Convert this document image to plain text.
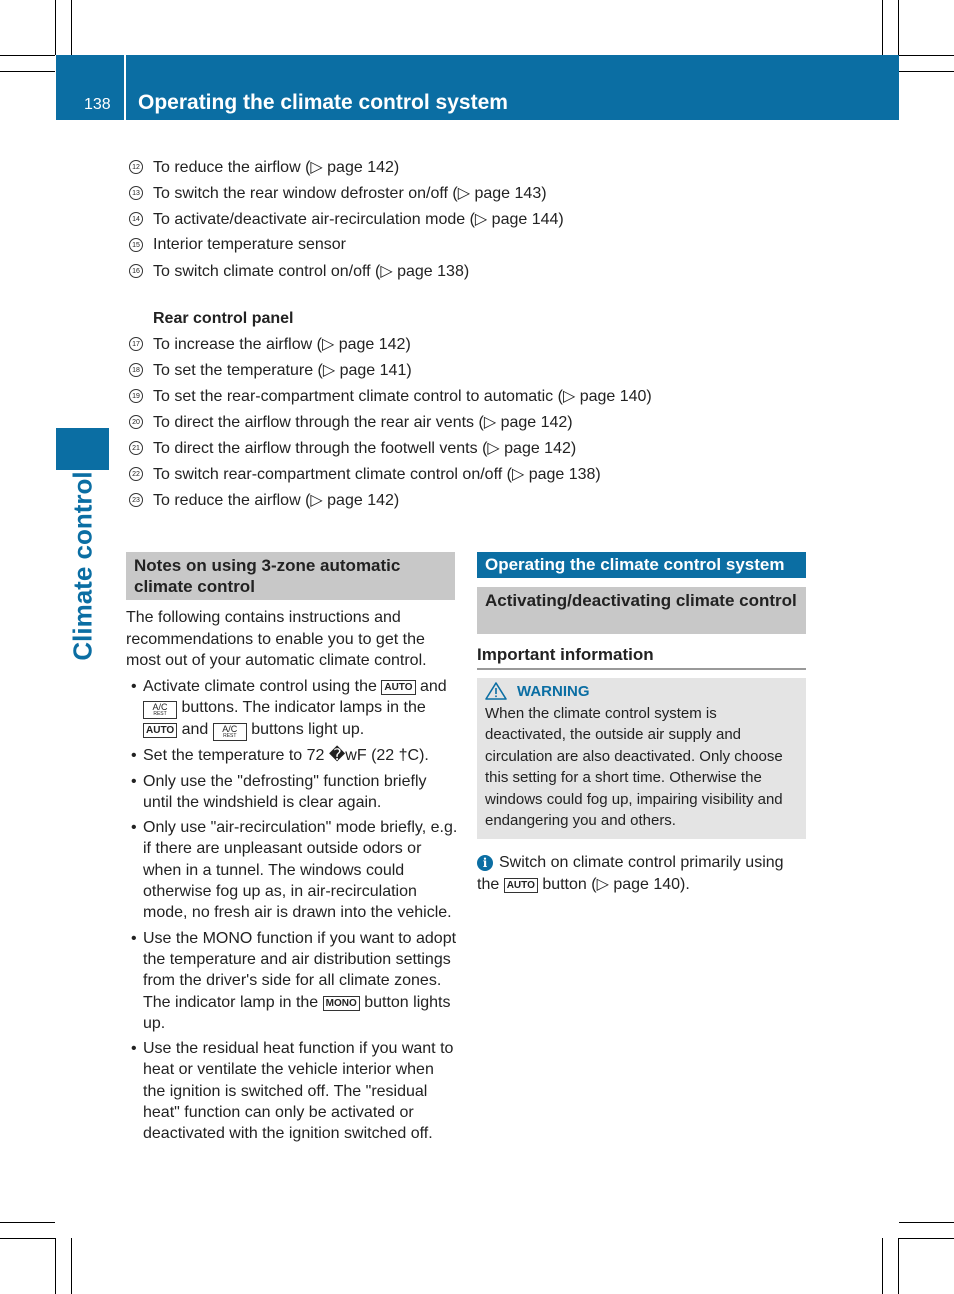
138 Operating the climate control system
Climate control
12 To reduce the airflow (▷ page 142)
13 To switch the rear window defroster on/off (▷ page 143)
14 To activate/deactivate air-recirculation mode (▷ page 144)
15 Interior temperature sensor
16 To switch climate control on/off (▷ page 138)
Rear control panel
17 To increase the airflow (▷ page 142)
18 To set the temperature (▷ page 141)
19 To set the rear-compartment climate control to automatic (▷ page 140)
20 To direct the airflow through the rear air vents (▷ page 142)
21 To direct the airflow through the footwell vents (▷ page 142)
22 To switch rear-compartment climate control on/off (▷ page 138)
23 To reduce the airflow (▷ page 142)
Notes on using 3-zone automatic climate control
The following contains instructions and recommendations to enable you to get the most out of your automatic climate control.
• Activate climate control using the AUTO and
A/C
REST buttons. The indicator lamps in the AUTO and	A/C
REST buttons light up.
• Set the temperature to 72 �wF (22 †C).
• Only use the "defrosting" function briefly until the windshield is clear again.
• Only use "air-recirculation" mode briefly, e.g. if there are unpleasant outside odors or when in a tunnel. The windows could otherwise fog up as, in air-recirculation mode, no fresh air is drawn into the vehicle.
• Use the MONO function if you want to adopt the temperature and air distribution settings from the driver's side for all climate zones. The indicator lamp in the MONO button lights up.
• Use the residual heat function if you want to heat or ventilate the vehicle interior when the ignition is switched off. The "residual heat" function can only be activated or deactivated with the ignition switched off.
Operating the climate control system
Activating/deactivating climate control
Important information
WARNING
When the climate control system is deactivated, the outside air supply and circulation are also deactivated. Only choose this setting for a short time. Otherwise the windows could fog up, impairing visibility and endangering you and others.
i Switch on climate control primarily using the AUTO button (▷ page 140).
